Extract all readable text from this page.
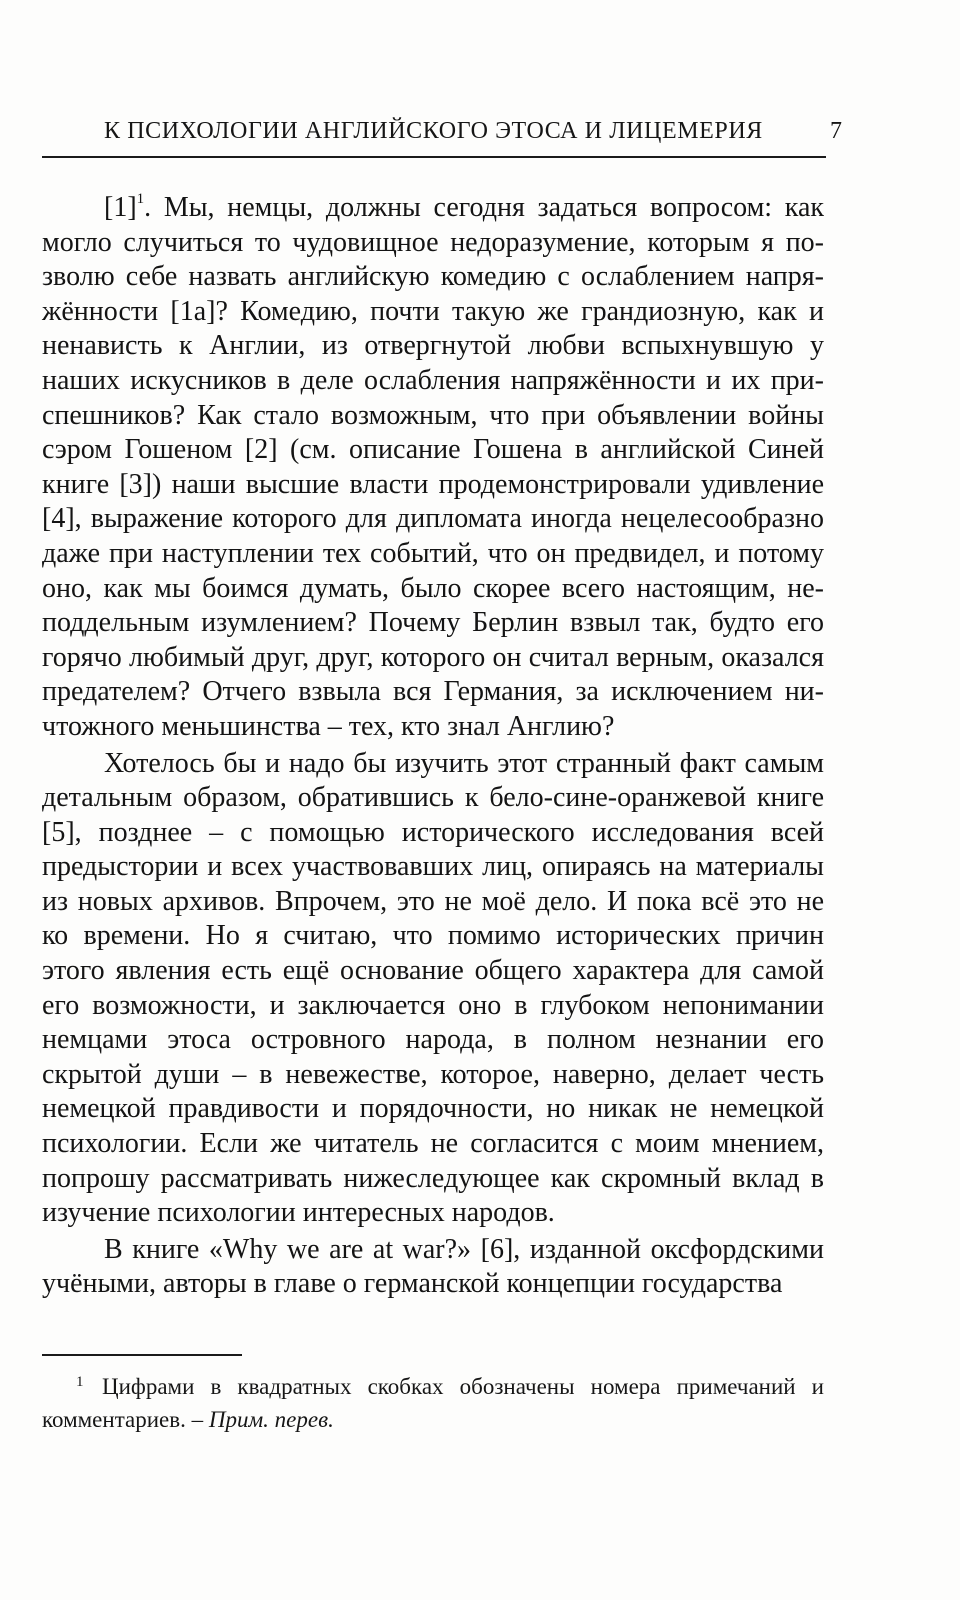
К ПСИХОЛОГИИ АНГЛИЙСКОГО ЭТОСА И ЛИЦЕМЕРИЯ	7

[1]$^1$. Мы, немцы, должны сегодня задаться вопросом: как могло случиться то чудовищное недоразумение, которым я позволю себе назвать английскую комедию с ослаблением напряжённости [1а]? Комедию, почти такую же грандиозную, как и ненависть к Англии, из отвергнутой любви вспыхнувшую у наших искусников в деле ослабления напряжённости и их приспешников? Как стало возможным, что при объявлении войны сэром Гошеном [2] (см. описание Гошена в английской Синей книге [3]) наши высшие власти продемонстрировали удивление [4], выражение которого для дипломата иногда нецелесообразно даже при наступлении тех событий, что он предвидел, и потому оно, как мы боимся думать, было скорее всего настоящим, неподдельным изумлением? Почему Берлин взвыл так, будто его горячо любимый друг, друг, которого он считал верным, оказался предателем? Отчего взвыла вся Германия, за исключением ничтожного меньшинства – тех, кто знал Англию?

Хотелось бы и надо бы изучить этот странный факт самым детальным образом, обратившись к бело-сине-оранжевой книге [5], позднее – с помощью исторического исследования всей предыстории и всех участвовавших лиц, опираясь на материалы из новых архивов. Впрочем, это не моё дело. И пока всё это не ко времени. Но я считаю, что помимо исторических причин этого явления есть ещё основание общего характера для самой его возможности, и заключается оно в глубоком непонимании немцами этоса островного народа, в полном незнании его скрытой души – в невежестве, которое, наверно, делает честь немецкой правдивости и порядочности, но никак не немецкой психологии. Если же читатель не согласится с моим мнением, попрошу рассматривать нижеследующее как скромный вклад в изучение психологии интересных народов.

В книге «Why we are at war?» [6], изданной оксфордскими учёными, авторы в главе о германской концепции государства

1 Цифрами в квадратных скобках обозначены номера примечаний и комментариев. – Прим. перев.
